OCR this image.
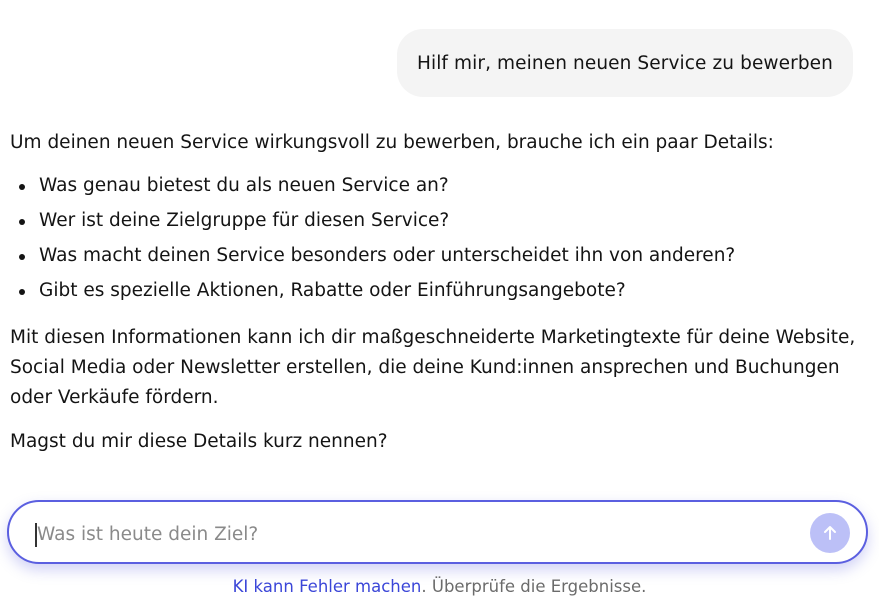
Hilf mir, meinen neuen Service zu bewerben

Um deinen neuen Service wirkungsvoll zu bewerben, brauche ich ein paar Details:

Was genau bietest du als neuen Service an?
Wer ist deine Zielgruppe für diesen Service?
Was macht deinen Service besonders oder unterscheidet ihn von anderen?
Gibt es spezielle Aktionen, Rabatte oder Einführungsangebote?

Mit diesen Informationen kann ich dir maßgeschneiderte Marketingtexte für deine Website, Social Media oder Newsletter erstellen, die deine Kund:innen ansprechen und Buchungen oder Verkäufe fördern.

Magst du mir diese Details kurz nennen?

Was ist heute dein Ziel?
KI kann Fehler machen. Überprüfe die Ergebnisse.
